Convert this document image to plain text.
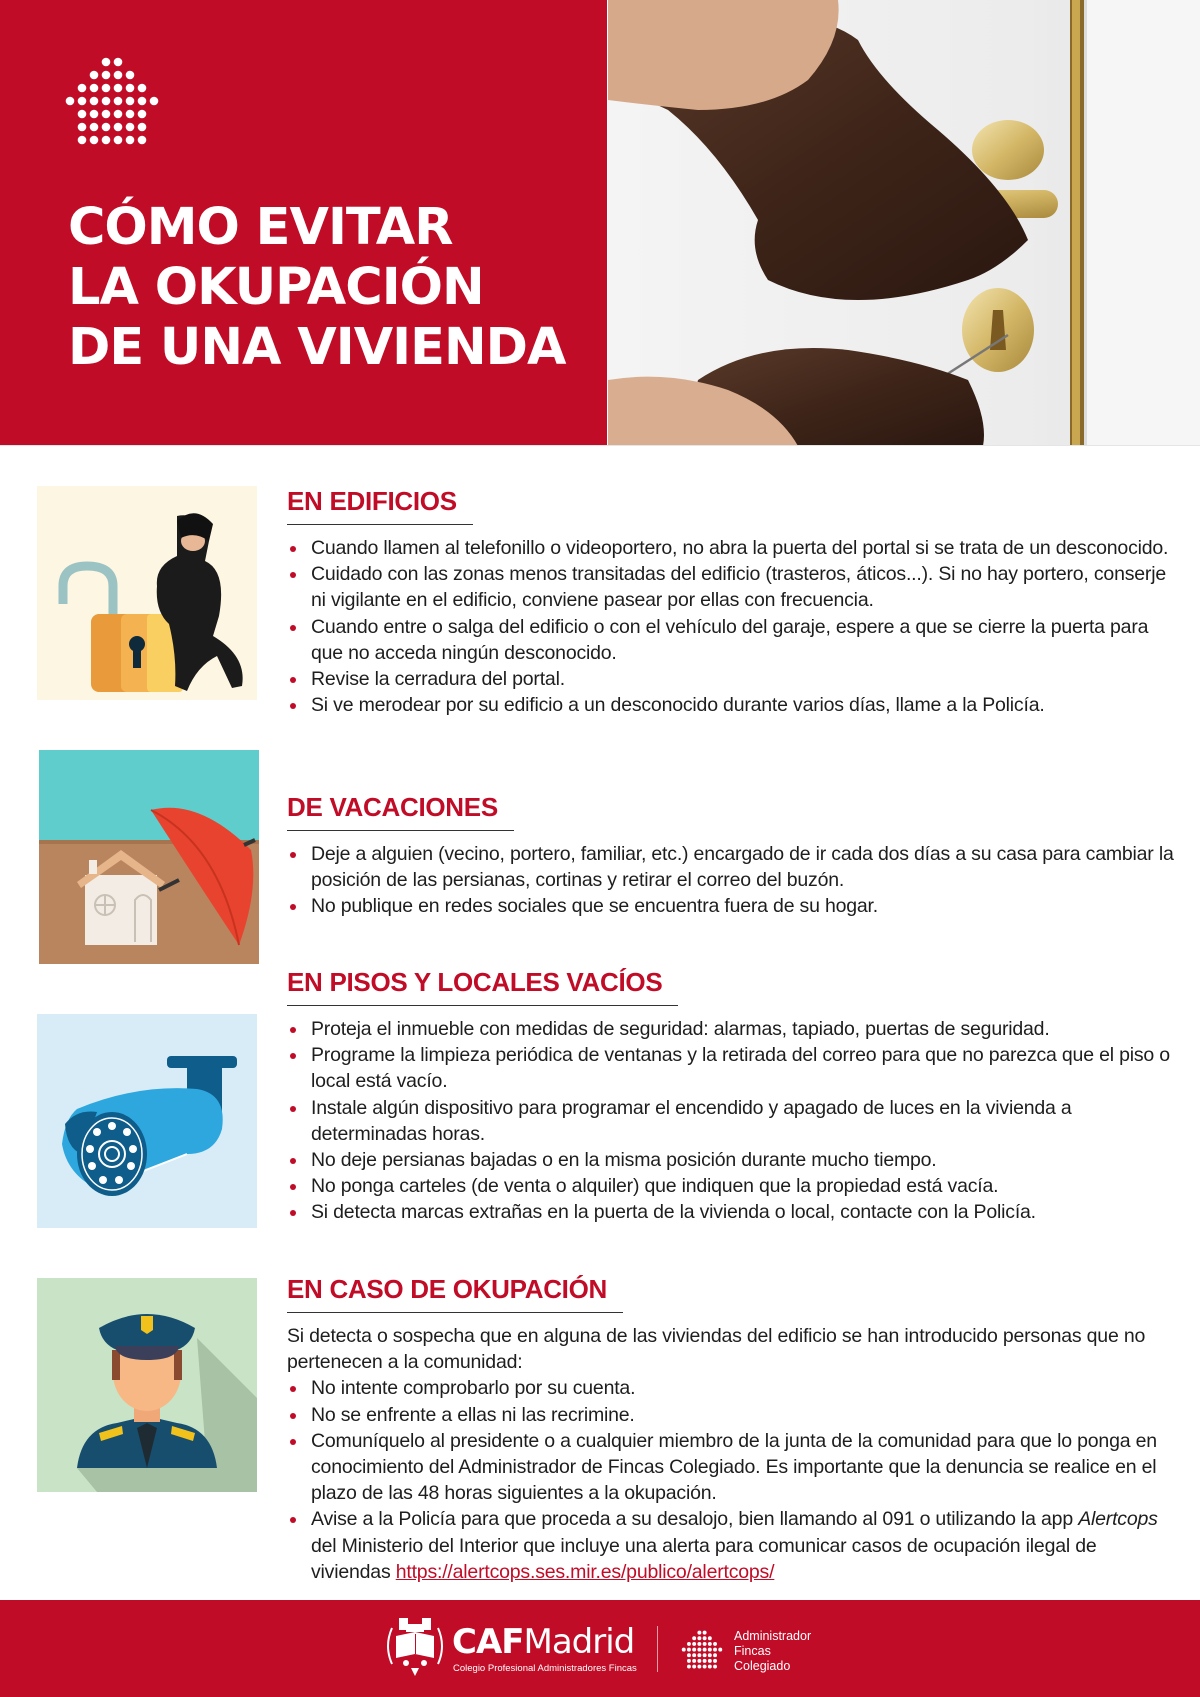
CÓMO EVITAR
LA OKUPACIÓN
DE UNA VIVIENDA
EN EDIFICIOS
Cuando llamen al telefonillo o videoportero, no abra la puerta del portal si se trata de un desconocido.
Cuidado con las zonas menos transitadas del edificio (trasteros, áticos...). Si no hay portero, conserje ni vigilante en el edificio, conviene pasear por ellas con frecuencia.
Cuando entre o salga del edificio o con el vehículo del garaje, espere a que se cierre la puerta para que no acceda ningún desconocido.
Revise la cerradura del portal.
Si ve merodear por su edificio a un desconocido durante varios días, llame a la Policía.
DE VACACIONES
Deje a alguien (vecino, portero, familiar, etc.) encargado de ir cada dos días a su casa para cambiar la posición de las persianas, cortinas y retirar el correo del buzón.
No publique en redes sociales que se encuentra fuera de su hogar.
EN PISOS Y LOCALES VACÍOS
Proteja el inmueble con medidas de seguridad: alarmas, tapiado, puertas de seguridad.
Programe la limpieza periódica de ventanas y la retirada del correo para que no parezca que el piso o local está vacío.
Instale algún dispositivo para programar el encendido y apagado de luces en la vivienda a determinadas horas.
No deje persianas bajadas o en la misma posición durante mucho tiempo.
No ponga carteles (de venta o alquiler) que indiquen que la propiedad está vacía.
Si detecta marcas extrañas en la puerta de la vivienda o local, contacte con la Policía.
EN CASO DE OKUPACIÓN

Si detecta o sospecha que en alguna de las viviendas del edificio se han introducido personas que no pertenecen a la comunidad:

No intente comprobarlo por su cuenta.
No se enfrente a ellas ni las recrimine.
Comuníquelo al presidente o a cualquier miembro de la junta de la comunidad para que lo ponga en conocimiento del Administrador de Fincas Colegiado. Es importante que la denuncia se realice en el plazo de las 48 horas siguientes a la okupación.
Avise a la Policía para que proceda a su desalojo, bien llamando al 091 o utilizando la app Alertcops del Ministerio del Interior que incluye una alerta para comunicar casos de ocupación ilegal de viviendas https://alertcops.ses.mir.es/publico/alertcops/
CAFMadrid
Colegio Profesional Administradores Fincas
Administrador
Fincas
Colegiado
